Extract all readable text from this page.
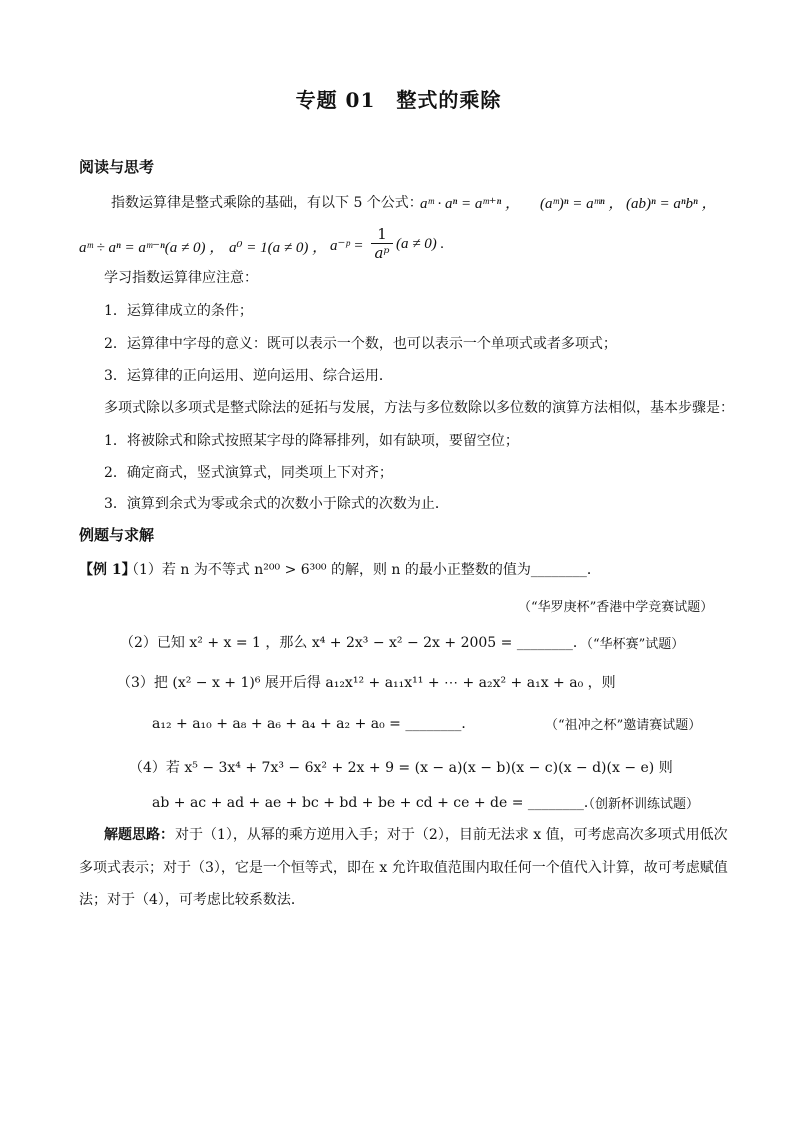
专题 01　整式的乘除
阅读与思考
指数运算律是整式乘除的基础，有以下 5 个公式：
aᵐ · aⁿ = aᵐ⁺ⁿ ， (aᵐ)ⁿ = aᵐⁿ ， (ab)ⁿ = aⁿbⁿ ，
aᵐ ÷ aⁿ = aᵐ⁻ⁿ(a ≠ 0) ， a⁰ = 1(a ≠ 0) ， a⁻ᵖ =
1
aᵖ (a ≠ 0) .
学习指数运算律应注意：
1．运算律成立的条件；
2．运算律中字母的意义：既可以表示一个数，也可以表示一个单项式或者多项式；
3．运算律的正向运用、逆向运用、综合运用．
多项式除以多项式是整式除法的延拓与发展，方法与多位数除以多位数的演算方法相似，基本步骤是：
1．将被除式和除式按照某字母的降幂排列，如有缺项，要留空位；
2．确定商式，竖式演算式，同类项上下对齐；
3．演算到余式为零或余式的次数小于除式的次数为止．
例题与求解
【例 1】
（1）若 n 为不等式 n²⁰⁰ > 6³⁰⁰ 的解，则 n 的最小正整数的值为________．
（“华罗庚杯”香港中学竞赛试题）
（2）已知 x² + x = 1 ，那么 x⁴ + 2x³ − x² − 2x + 2005 = ________．
（“华杯赛”试题）
（3）把 (x² − x + 1)⁶ 展开后得 a₁₂x¹² + a₁₁x¹¹ + ⋯ + a₂x² + a₁x + a₀ ，则
a₁₂ + a₁₀ + a₈ + a₆ + a₄ + a₂ + a₀ = ________．	（“祖冲之杯”邀请赛试题）
（4）若 x⁵ − 3x⁴ + 7x³ − 6x² + 2x + 9 = (x − a)(x − b)(x − c)(x − d)(x − e) 则
ab + ac + ad + ae + bc + bd + be + cd + ce + de = ________．
（创新杯训练试题）
解题思路： 对于（1），从幂的乘方逆用入手；对于（2），目前无法求 x 值，可考虑高次多项式用低次
多项式表示；对于（3），它是一个恒等式，即在 x 允许取值范围内取任何一个值代入计算，故可考虑赋值
法；对于（4），可考虑比较系数法．
